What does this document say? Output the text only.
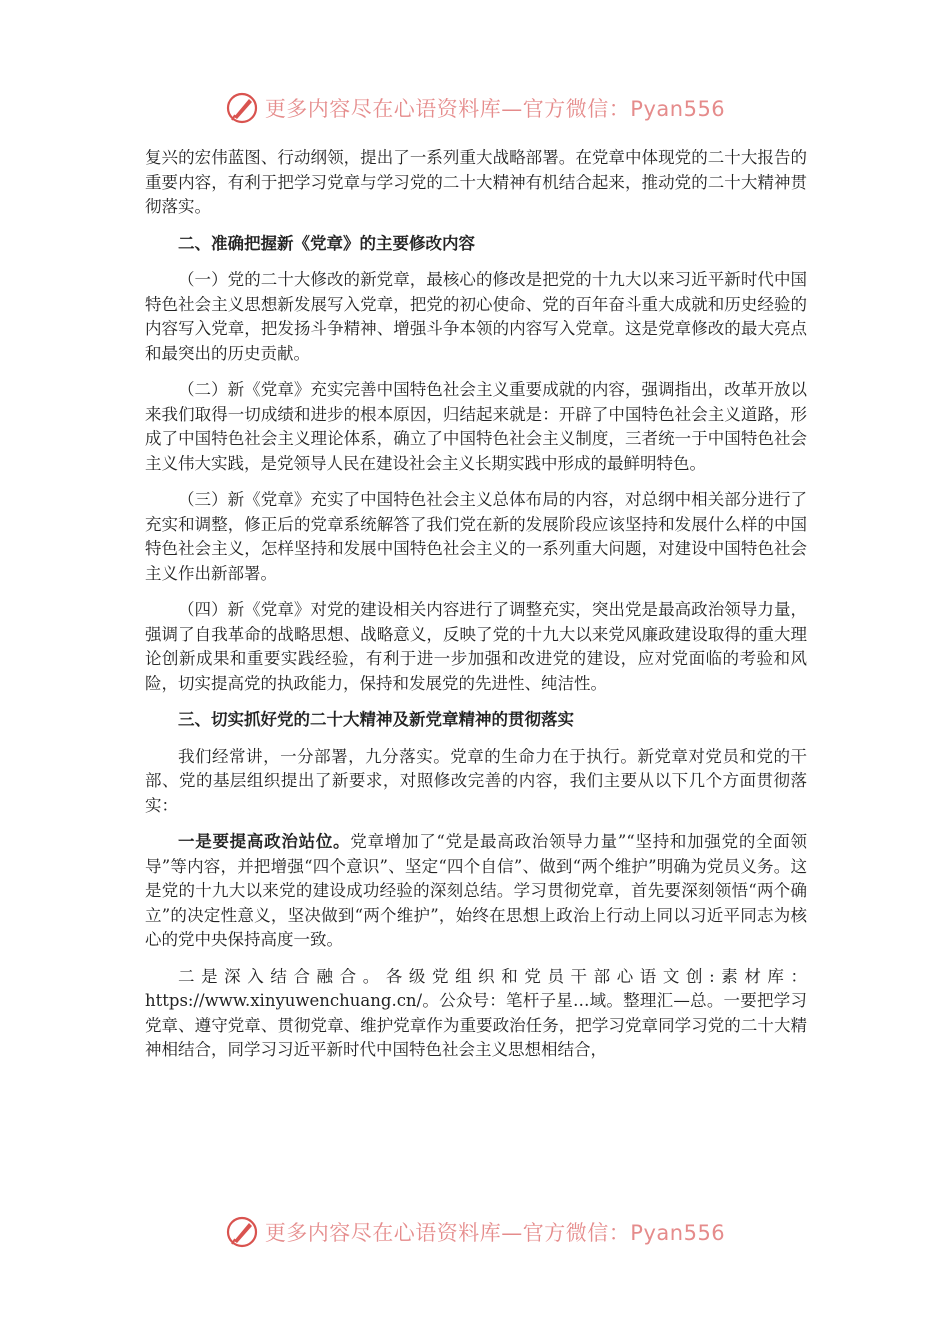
更多内容尽在心语资料库—官方微信：Pyan556

复兴的宏伟蓝图、行动纲领，提出了一系列重大战略部署。在党章中体现党的二十大报告的重要内容，有利于把学习党章与学习党的二十大精神有机结合起来，推动党的二十大精神贯彻落实。

二、准确把握新《党章》的主要修改内容

（一）党的二十大修改的新党章，最核心的修改是把党的十九大以来习近平新时代中国特色社会主义思想新发展写入党章，把党的初心使命、党的百年奋斗重大成就和历史经验的内容写入党章，把发扬斗争精神、增强斗争本领的内容写入党章。这是党章修改的最大亮点和最突出的历史贡献。

（二）新《党章》充实完善中国特色社会主义重要成就的内容，强调指出，改革开放以来我们取得一切成绩和进步的根本原因，归结起来就是：开辟了中国特色社会主义道路，形成了中国特色社会主义理论体系，确立了中国特色社会主义制度，三者统一于中国特色社会主义伟大实践，是党领导人民在建设社会主义长期实践中形成的最鲜明特色。

（三）新《党章》充实了中国特色社会主义总体布局的内容，对总纲中相关部分进行了充实和调整，修正后的党章系统解答了我们党在新的发展阶段应该坚持和发展什么样的中国特色社会主义，怎样坚持和发展中国特色社会主义的一系列重大问题，对建设中国特色社会主义作出新部署。

（四）新《党章》对党的建设相关内容进行了调整充实，突出党是最高政治领导力量，强调了自我革命的战略思想、战略意义，反映了党的十九大以来党风廉政建设取得的重大理论创新成果和重要实践经验，有利于进一步加强和改进党的建设，应对党面临的考验和风险，切实提高党的执政能力，保持和发展党的先进性、纯洁性。

三、切实抓好党的二十大精神及新党章精神的贯彻落实

我们经常讲，一分部署，九分落实。党章的生命力在于执行。新党章对党员和党的干部、党的基层组织提出了新要求，对照修改完善的内容，我们主要从以下几个方面贯彻落实：

一是要提高政治站位。党章增加了“党是最高政治领导力量”“坚持和加强党的全面领导”等内容，并把增强“四个意识”、坚定“四个自信”、做到“两个维护”明确为党员义务。这是党的十九大以来党的建设成功经验的深刻总结。学习贯彻党章，首先要深刻领悟“两个确立”的决定性意义，坚决做到“两个维护”，始终在思想上政治上行动上同以习近平同志为核心的党中央保持高度一致。

二是深入结合融合。各级党组织和党员干部心语文创:素材库：https://www.xinyuwenchuang.cn/。公众号：笔杆子星…域。整理汇—总。一要把学习党章、遵守党章、贯彻党章、维护党章作为重要政治任务，把学习党章同学习党的二十大精神相结合，同学习习近平新时代中国特色社会主义思想相结合，

更多内容尽在心语资料库—官方微信：Pyan556
